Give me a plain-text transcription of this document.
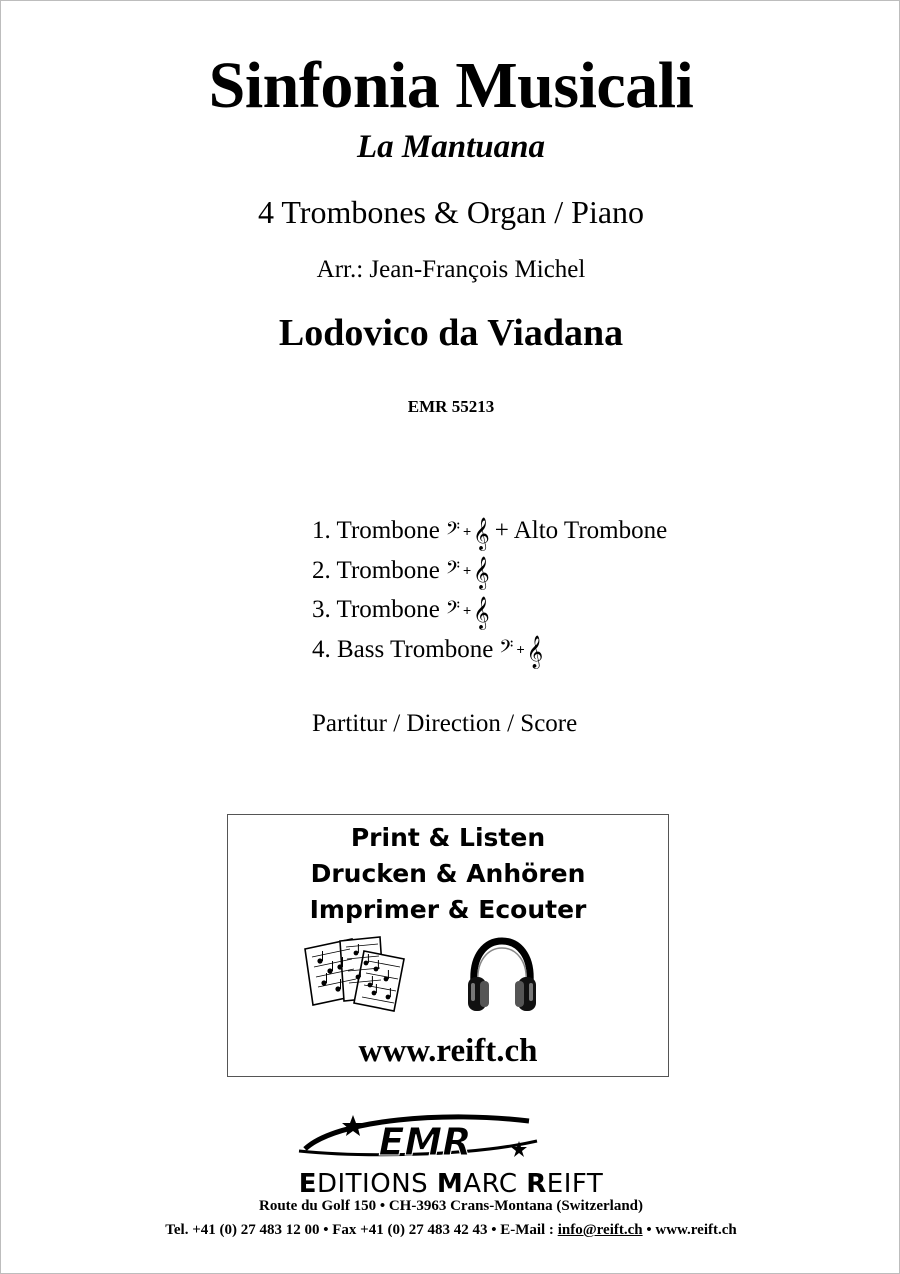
Sinfonia Musicali
La Mantuana
4 Trombones & Organ / Piano
Arr.: Jean-François Michel
Lodovico da Viadana
EMR 55213
1. Trombone 𝄢 + 𝄞 + Alto Trombone
2. Trombone 𝄢 + 𝄞
3. Trombone 𝄢 + 𝄞
4. Bass Trombone 𝄢 + 𝄞
Partitur / Direction / Score
Print & Listen
Drucken & Anhören
Imprimer & Ecouter
www.reift.ch
EMR
EDITIONS MARC REIFT
Route du Golf 150 • CH-3963 Crans-Montana (Switzerland)
Tel. +41 (0) 27 483 12 00 • Fax +41 (0) 27 483 42 43 • E-Mail : info@reift.ch • www.reift.ch
